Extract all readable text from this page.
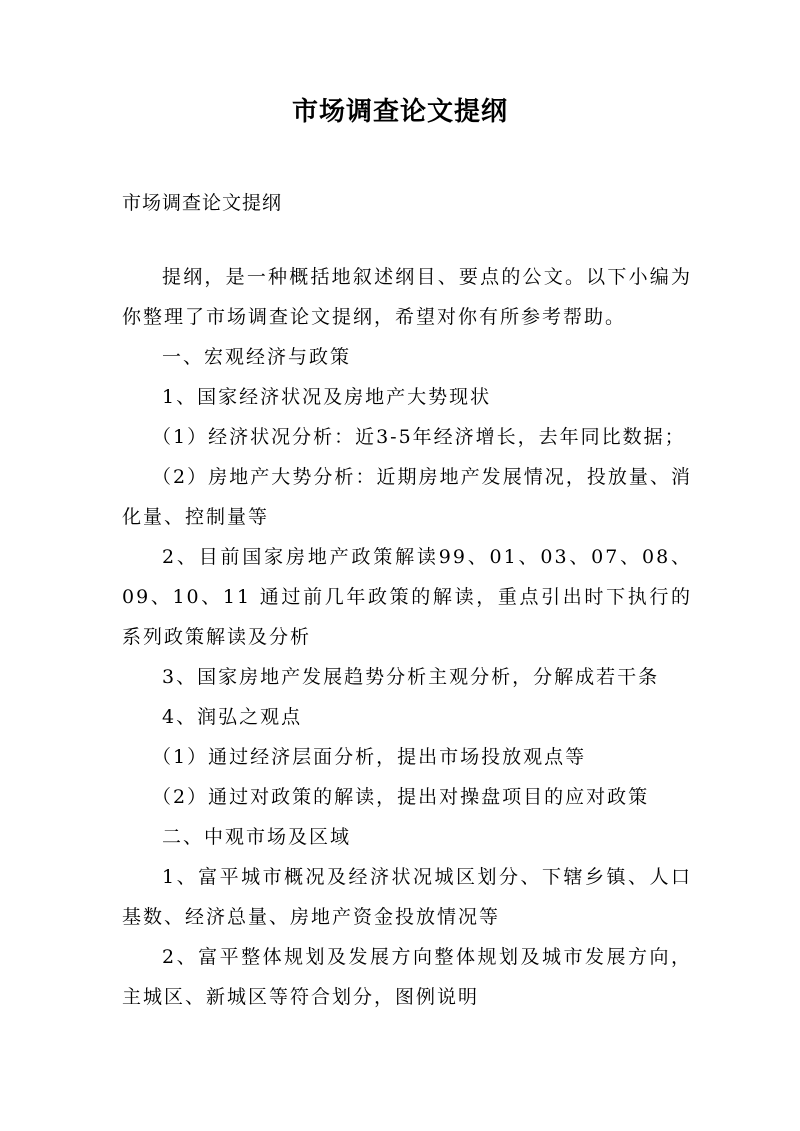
市场调查论文提纲
市场调查论文提纲

提纲，是一种概括地叙述纲目、要点的公文。以下小编为你整理了市场调查论文提纲，希望对你有所参考帮助。

一、宏观经济与政策

1、国家经济状况及房地产大势现状

（1）经济状况分析：近3-5年经济增长，去年同比数据；

（2）房地产大势分析：近期房地产发展情况，投放量、消化量、控制量等

2、目前国家房地产政策解读99、01、03、07、08、09、10、11 通过前几年政策的解读，重点引出时下执行的系列政策解读及分析

3、国家房地产发展趋势分析主观分析，分解成若干条

4、润弘之观点

（1）通过经济层面分析，提出市场投放观点等

（2）通过对政策的解读，提出对操盘项目的应对政策

二、中观市场及区域

1、富平城市概况及经济状况城区划分、下辖乡镇、人口基数、经济总量、房地产资金投放情况等

2、富平整体规划及发展方向整体规划及城市发展方向，主城区、新城区等符合划分，图例说明
